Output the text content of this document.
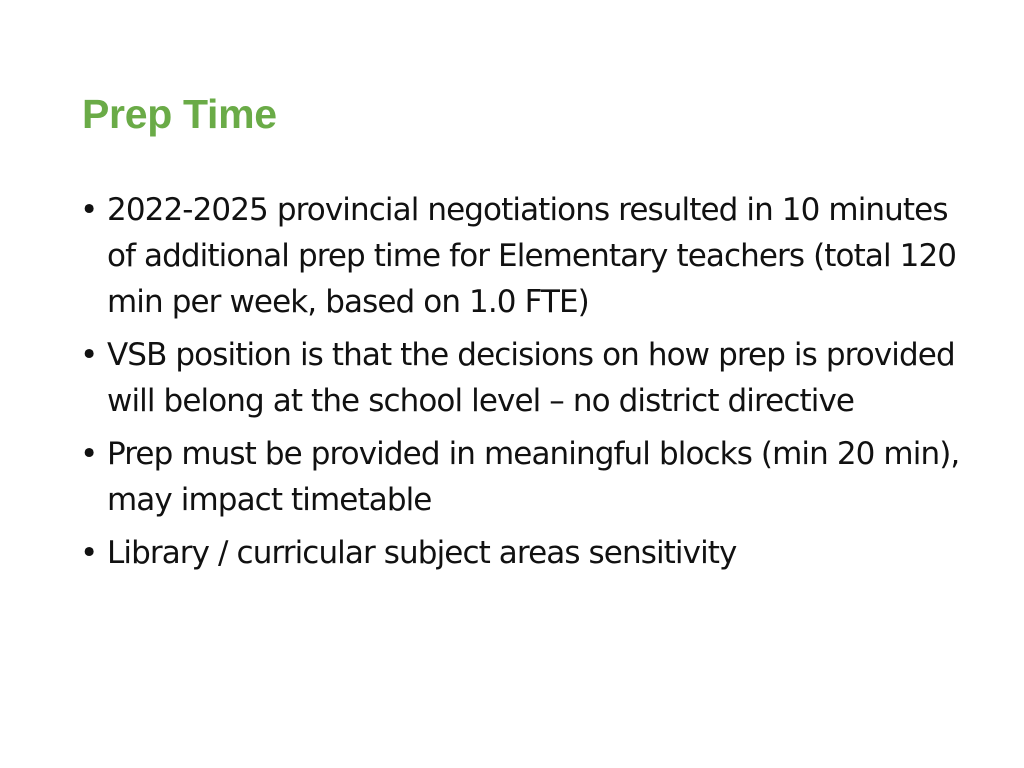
Prep Time
• 2022-2025 provincial negotiations resulted in 10 minutes of additional prep time for Elementary teachers (total 120 min per week, based on 1.0 FTE)
• VSB position is that the decisions on how prep is provided will belong at the school level – no district directive
• Prep must be provided in meaningful blocks (min 20 min), may impact timetable
• Library / curricular subject areas sensitivity
